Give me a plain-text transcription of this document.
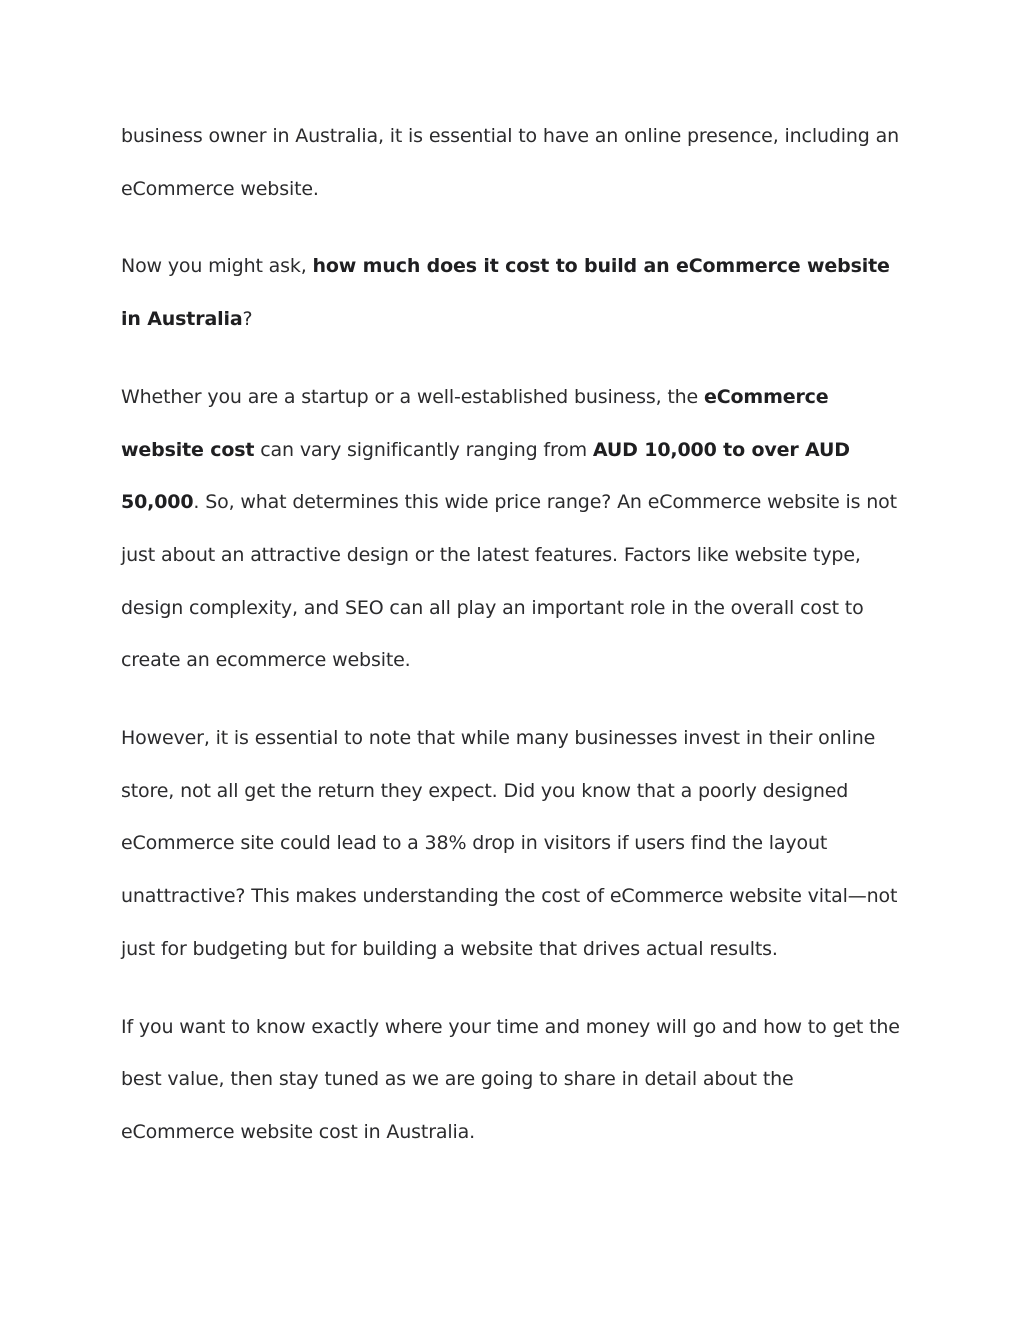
business owner in Australia, it is essential to have an online presence, including an eCommerce website.

Now you might ask, how much does it cost to build an eCommerce website in Australia?

Whether you are a startup or a well-established business, the eCommerce website cost can vary significantly ranging from AUD 10,000 to over AUD 50,000. So, what determines this wide price range? An eCommerce website is not just about an attractive design or the latest features. Factors like website type, design complexity, and SEO can all play an important role in the overall cost to create an ecommerce website.

However, it is essential to note that while many businesses invest in their online store, not all get the return they expect. Did you know that a poorly designed eCommerce site could lead to a 38% drop in visitors if users find the layout unattractive? This makes understanding the cost of eCommerce website vital—not just for budgeting but for building a website that drives actual results.

If you want to know exactly where your time and money will go and how to get the best value, then stay tuned as we are going to share in detail about the eCommerce website cost in Australia.
